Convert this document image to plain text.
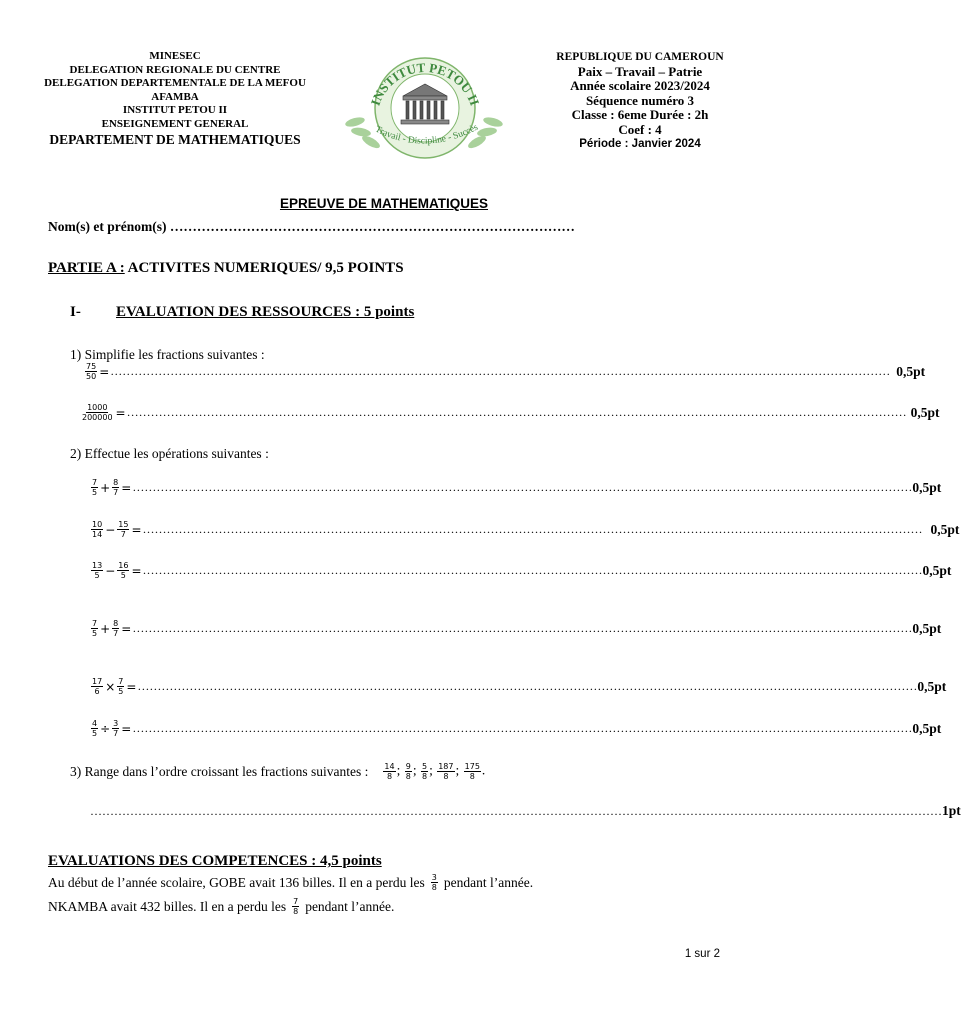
MINESEC
DELEGATION REGIONALE DU CENTRE
DELEGATION DEPARTEMENTALE DE LA MEFOU
AFAMBA
INSTITUT PETOU II
ENSEIGNEMENT GENERAL
DEPARTEMENT DE MATHEMATIQUES
INSTITUT PETOU II
Travail - Discipline - Succès
REPUBLIQUE DU CAMEROUN
Paix – Travail – Patrie
Année scolaire 2023/2024
Séquence numéro 3
Classe : 6eme Durée : 2h
Coef : 4
Période : Janvier 2024
EPREUVE DE MATHEMATIQUES
Nom(s) et prénom(s) ………………………………………………………………………………
PARTIE A : ACTIVITES NUMERIQUES/ 9,5 POINTS
I- EVALUATION DES RESSOURCES : 5 points
1) Simplifie les fractions suivantes :
$\frac{75}{50}$ = …………………………………………………………………………………………………………………………………………………………………………… 0,5pt
$\frac{1000}{200000}$ = …………………………………………………………………………………………………………………………………………………………………………… 0,5pt
2) Effectue les opérations suivantes :
$\frac{7}{5} + \frac{8}{7}$ = …………………………………………………………………………………………………………………………………………………………………………… 0,5pt
$\frac{10}{14} - \frac{15}{7}$ = …………………………………………………………………………………………………………………………………………………………………………… 0,5pt
$\frac{13}{5} - \frac{16}{5}$ = …………………………………………………………………………………………………………………………………………………………………………… 0,5pt
$\frac{7}{5} + \frac{8}{7}$ = …………………………………………………………………………………………………………………………………………………………………………… 0,5pt
$\frac{17}{6} \times \frac{7}{5}$ = …………………………………………………………………………………………………………………………………………………………………………… 0,5pt
$\frac{4}{5} \div \frac{3}{7}$ = …………………………………………………………………………………………………………………………………………………………………………… 0,5pt
3) Range dans l’ordre croissant les fractions suivantes : $\frac{14}{8}$ ; $\frac{9}{8}$ ; $\frac{5}{8}$ ; $\frac{187}{8}$ ; $\frac{175}{8}$ .
…………………………………………………………………………………………………………………………………………………………………………………………… 1pt
EVALUATIONS DES COMPETENCES : 4,5 points
Au début de l’année scolaire, GOBE avait 136 billes. Il en a perdu les $\frac{3}{8}$ pendant l’année.
NKAMBA avait 432 billes. Il en a perdu les $\frac{7}{8}$ pendant l’année.
1 sur 2
